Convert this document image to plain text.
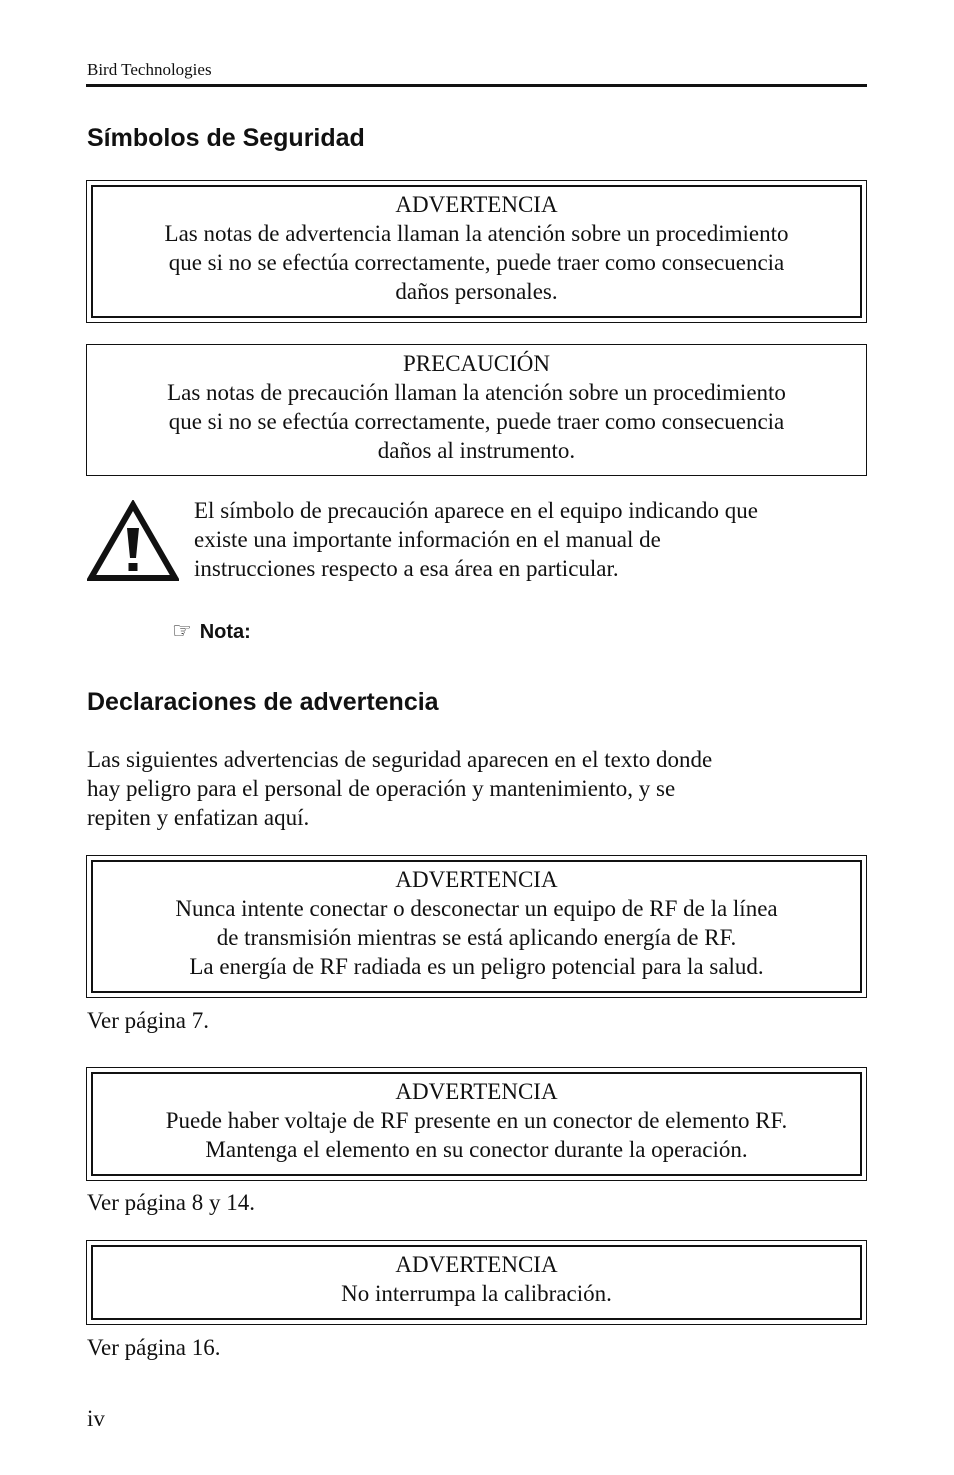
Bird Technologies
Símbolos de Seguridad
ADVERTENCIA
Las notas de advertencia llaman la atención sobre un procedimiento
que si no se efectúa correctamente, puede traer como consecuencia
daños personales.
PRECAUCIÓN
Las notas de precaución llaman la atención sobre un procedimiento
que si no se efectúa correctamente, puede traer como consecuencia
daños al instrumento.
El símbolo de precaución aparece en el equipo indicando que
existe una importante información en el manual de
instrucciones respecto a esa área en particular.
☞ Nota:
Declaraciones de advertencia
Las siguientes advertencias de seguridad aparecen en el texto donde
hay peligro para el personal de operación y mantenimiento, y se
repiten y enfatizan aquí.
ADVERTENCIA
Nunca intente conectar o desconectar un equipo de RF de la línea
de transmisión mientras se está aplicando energía de RF.
La energía de RF radiada es un peligro potencial para la salud.

Ver página 7.

ADVERTENCIA
Puede haber voltaje de RF presente en un conector de elemento RF.
Mantenga el elemento en su conector durante la operación.

Ver página 8 y 14.

ADVERTENCIA
No interrumpa la calibración.

Ver página 16.

iv
